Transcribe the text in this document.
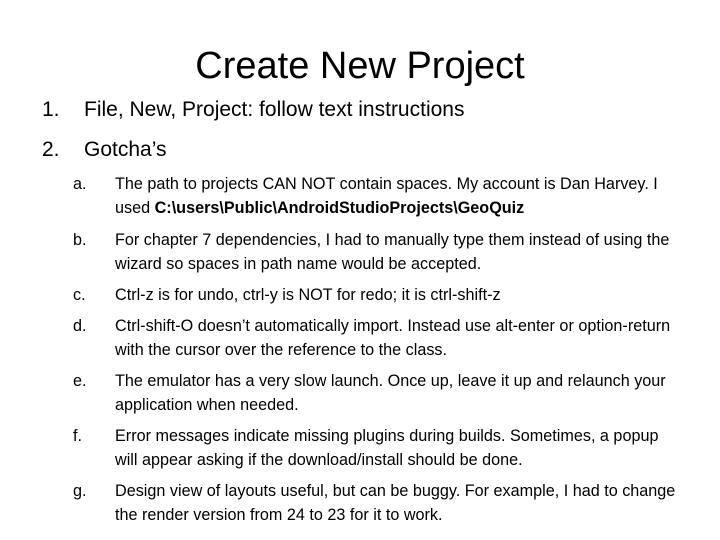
Create New Project
1. File, New, Project: follow text instructions
2. Gotcha’s
a. The path to projects CAN NOT contain spaces. My account is Dan Harvey. I used C:\users\Public\AndroidStudioProjects\GeoQuiz
b. For chapter 7 dependencies, I had to manually type them instead of using the wizard so spaces in path name would be accepted.
c. Ctrl-z is for undo, ctrl-y is NOT for redo; it is ctrl-shift-z
d. Ctrl-shift-O doesn’t automatically import. Instead use alt-enter or option-return with the cursor over the reference to the class.
e. The emulator has a very slow launch. Once up, leave it up and relaunch your application when needed.
f. Error messages indicate missing plugins during builds. Sometimes, a popup will appear asking if the download/install should be done.
g. Design view of layouts useful, but can be buggy. For example, I had to change the render version from 24 to 23 for it to work.
